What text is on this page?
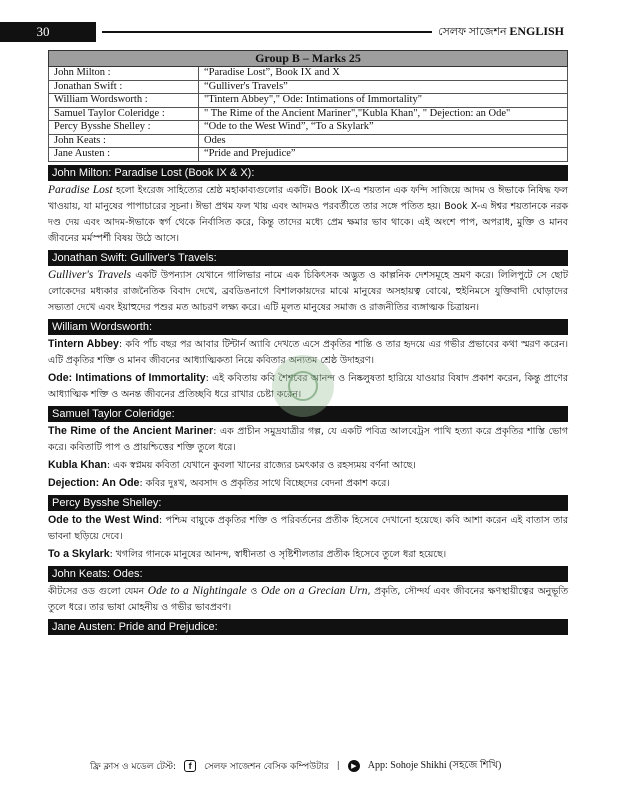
30	সেলফ সাজেশন ENGLISH
Group B – Marks 25	
John Milton :	“Paradise Lost”, Book IX and X
Jonathan Swift :	“Gulliver's Travels”
William Wordsworth :	"Tintern Abbey"," Ode: Intimations of Immortality"
Samuel Taylor Coleridge :	" The Rime of the Ancient Mariner","Kubla Khan", " Dejection: an Ode"
Percy Bysshe Shelley :	“Ode to the West Wind”, “To a Skylark”
John Keats :	Odes
Jane Austen :	“Pride and Prejudice”
John Milton: Paradise Lost (Book IX & X):

Paradise Lost হলো ইংরেজ সাহিত্যের শ্রেষ্ঠ মহাকাব্যগুলোর একটি। Book IX-এ শয়তান এক ফন্দি সাজিয়ে আদম ও ঈভাকে নিষিদ্ধ ফল খাওয়ায়, যা মানুষের পাপাচারের সূচনা। ঈভা প্রথম ফল খায় এবং আদমও পরবর্তীতে তার সঙ্গে পতিত হয়। Book X-এ ঈশ্বর শয়তানকে নরক দণ্ড দেয় এবং আদম-ঈভাকে স্বর্গ থেকে নির্বাসিত করে, কিন্তু তাদের মধ্যে প্রেম ক্ষমার ভাব থাকে। এই অংশে পাপ, অপরাধ, মুক্তি ও মানব জীবনের মর্মস্পর্শী বিষয় উঠে আসে।

Jonathan Swift: Gulliver's Travels:

Gulliver's Travels একটি উপন্যাস যেখানে গালিভার নামে এক চিকিৎসক অদ্ভুত ও কাল্পনিক দেশসমূহে ভ্রমণ করে। লিলিপুটে সে ছোট লোকেদের মধ্যকার রাজনৈতিক বিবাদ দেখে, ব্রবডিঙনাগে বিশালকায়দের মাঝে মানুষের অসহায়ত্ব বোঝে, হুইনিমসে যুক্তিবাদী ঘোড়াদের সভ্যতা দেখে এবং ইয়াহুদের পশুর মত আচরণ লক্ষ্য করে। এটি মূলত মানুষের সমাজ ও রাজনীতির ব্যঙ্গাত্মক চিত্রায়ন।

William Wordsworth:

Tintern Abbey: কবি পাঁচ বছর পর আবার টিন্টার্ন অ্যাবি দেখতে এসে প্রকৃতির শান্তি ও তার হৃদয়ে এর গভীর প্রভাবের কথা স্মরণ করেন। এটি প্রকৃতির শক্তি ও মানব জীবনের আধ্যাত্মিকতা নিয়ে কবিতার অন্যতম শ্রেষ্ঠ উদাহরণ।

Ode: Intimations of Immortality: এই কবিতায় কবি শৈশবের আনন্দ ও নিষ্কলুষতা হারিয়ে যাওয়ার বিষাদ প্রকাশ করেন, কিন্তু প্রাণের আধ্যাত্মিক শক্তি ও অনন্ত জীবনের প্রতিচ্ছবি ধরে রাখার চেষ্টা করেন।

Samuel Taylor Coleridge:

The Rime of the Ancient Mariner: এক প্রাচীন সমুদ্রযাত্রীর গল্প, যে একটি পবিত্র আলবেট্রস পাখি হত্যা করে প্রকৃতির শাস্তি ভোগ করে। কবিতাটি পাপ ও প্রায়শ্চিত্তের শক্তি তুলে ধরে।

Kubla Khan: এক স্বপ্নময় কবিতা যেখানে কুবলা খানের রাজ্যের চমৎকার ও রহস্যময় বর্ণনা আছে।

Dejection: An Ode: কবির দুঃখ, অবসাদ ও প্রকৃতির সাথে বিচ্ছেদের বেদনা প্রকাশ করে।

Percy Bysshe Shelley:

Ode to the West Wind: পশ্চিম বায়ুকে প্রকৃতির শক্তি ও পরিবর্তনের প্রতীক হিসেবে দেখানো হয়েছে। কবি আশা করেন এই বাতাস তার ভাবনা ছড়িয়ে দেবে।

To a Skylark: খগলির গানকে মানুষের আনন্দ, স্বাধীনতা ও সৃষ্টিশীলতার প্রতীক হিসেবে তুলে ধরা হয়েছে।

John Keats: Odes:

কীটসের ওড গুলো যেমন Ode to a Nightingale ও Ode on a Grecian Urn, প্রকৃতি, সৌন্দর্য এবং জীবনের ক্ষণস্থায়ীত্বের অনুভূতি তুলে ধরে। তার ভাষা মোহনীয় ও গভীর ভাবপ্রবণ।

Jane Austen: Pride and Prejudice:
ফ্রি ক্লাস ও মডেল টেস্ট:	f	সেলফ সাজেশন বেসিক কম্পিউটার |	▶	App: Sohoje Shikhi (সহজে শিখি)
